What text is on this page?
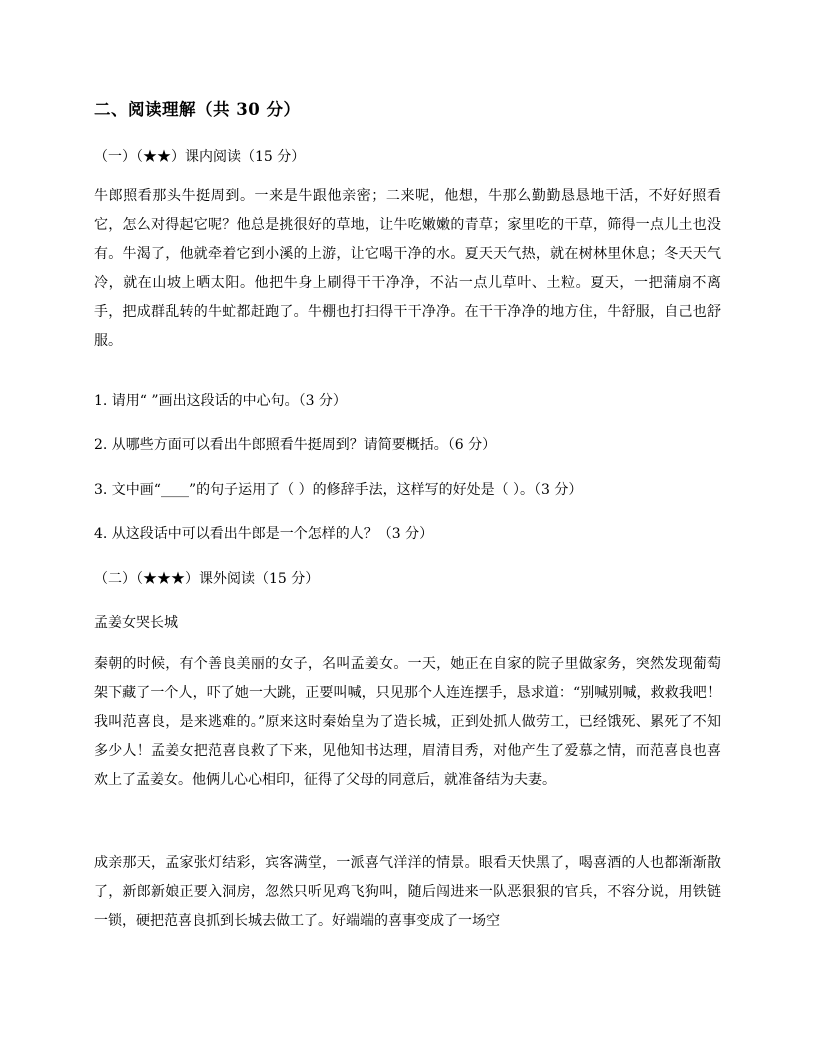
二、阅读理解（共 30 分）
（一）（★★）课内阅读（15 分）
牛郎照看那头牛挺周到。一来是牛跟他亲密；二来呢，他想，牛那么勤勤恳恳地干活，不好好照看它，怎么对得起它呢？他总是挑很好的草地，让牛吃嫩嫩的青草；家里吃的干草，筛得一点儿土也没有。牛渴了，他就牵着它到小溪的上游，让它喝干净的水。夏天天气热，就在树林里休息；冬天天气冷，就在山坡上晒太阳。他把牛身上刷得干干净净，不沾一点儿草叶、土粒。夏天，一把蒲扇不离手，把成群乱转的牛虻都赶跑了。牛棚也打扫得干干净净。在干干净净的地方住，牛舒服，自己也舒服。
1. 请用“ ”画出这段话的中心句。（3 分）
2. 从哪些方面可以看出牛郎照看牛挺周到？请简要概括。（6 分）
3. 文中画“____”的句子运用了（ ）的修辞手法，这样写的好处是（ ）。（3 分）
4. 从这段话中可以看出牛郎是一个怎样的人？（3 分）
（二）（★★★）课外阅读（15 分）
孟姜女哭长城
秦朝的时候，有个善良美丽的女子，名叫孟姜女。一天，她正在自家的院子里做家务，突然发现葡萄架下藏了一个人，吓了她一大跳，正要叫喊，只见那个人连连摆手，恳求道：“别喊别喊，救救我吧！我叫范喜良，是来逃难的。”原来这时秦始皇为了造长城，正到处抓人做劳工，已经饿死、累死了不知多少人！孟姜女把范喜良救了下来，见他知书达理，眉清目秀，对他产生了爱慕之情，而范喜良也喜欢上了孟姜女。他俩儿心心相印，征得了父母的同意后，就准备结为夫妻。
成亲那天，孟家张灯结彩，宾客满堂，一派喜气洋洋的情景。眼看天快黑了，喝喜酒的人也都渐渐散了，新郎新娘正要入洞房，忽然只听见鸡飞狗叫，随后闯进来一队恶狠狠的官兵，不容分说，用铁链一锁，硬把范喜良抓到长城去做工了。好端端的喜事变成了一场空
